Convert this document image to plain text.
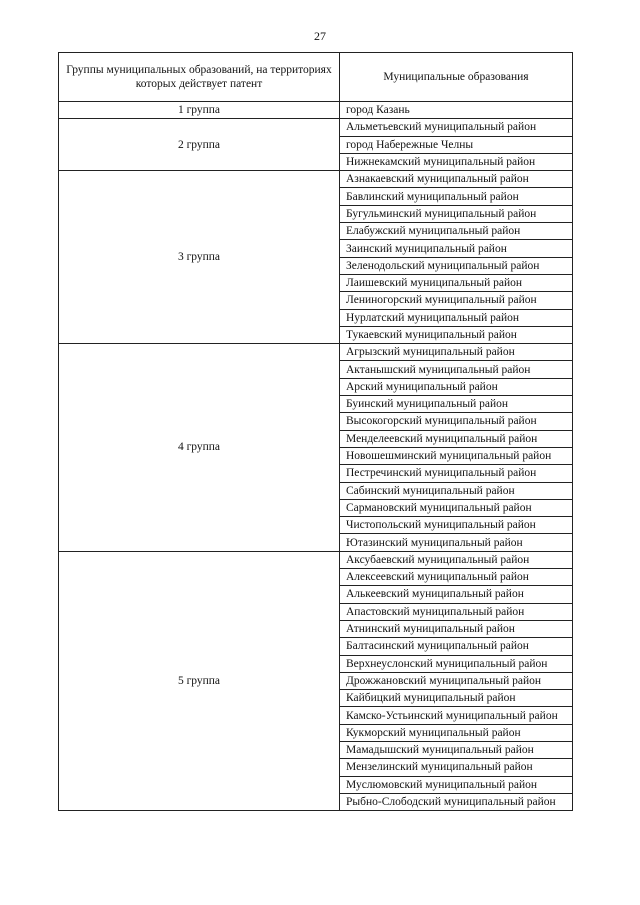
27
Группы муниципальных образований, на территориях которых действует патент	Муниципальные образования
1 группа	город Казань
2 группа	Альметьевский муниципальный район
	город Набережные Челны
	Нижнекамский муниципальный район
3 группа	Азнакаевский муниципальный район
	Бавлинский муниципальный район
	Бугульминский муниципальный район
	Елабужский муниципальный район
	Заинский муниципальный район
	Зеленодольский муниципальный район
	Лаишевский муниципальный район
	Лениногорский муниципальный район
	Нурлатский муниципальный район
	Тукаевский муниципальный район
4 группа	Агрызский муниципальный район
	Актанышский муниципальный район
	Арский муниципальный район
	Буинский муниципальный район
	Высокогорский муниципальный район
	Менделеевский муниципальный район
	Новошешминский муниципальный район
	Пестречинский муниципальный район
	Сабинский муниципальный район
	Сармановский муниципальный район
	Чистопольский муниципальный район
	Ютазинский муниципальный район
5 группа	Аксубаевский муниципальный район
	Алексеевский муниципальный район
	Алькеевский муниципальный район
	Апастовский муниципальный район
	Атнинский муниципальный район
	Балтасинский муниципальный район
	Верхнеуслонский муниципальный район
	Дрожжановский муниципальный район
	Кайбицкий муниципальный район
	Камско-Устьинский муниципальный район
	Кукморский муниципальный район
	Мамадышский муниципальный район
	Мензелинский муниципальный район
	Муслюмовский муниципальный район
	Рыбно-Слободский муниципальный район
